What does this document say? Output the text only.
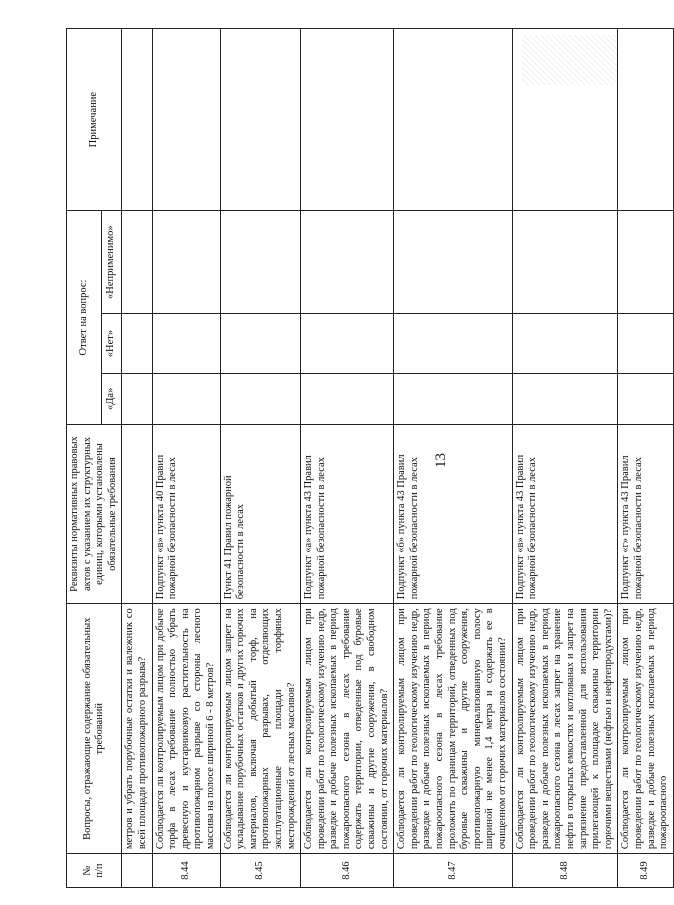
13
№
п/п	Вопросы, отражающие содержание обязательных требований	Реквизиты нормативных правовых актов с указанием их структурных единиц, которыми установлены обязательные требования	Ответ на вопрос:			Примечание
			«Да»	«Нет»	«Неприменимо»	
	метров и убрать порубочные остатки и валежник со всей площади противопожарного разрыва?					
8.44	Соблюдается ли контролируемым лицом при добыче торфа в лесах требование полностью убрать древесную и кустарниковую растительность на противопожарном разрыве со стороны лесного массива на полосе шириной 6 - 8 метров?	Подпункт «в» пункта 40 Правил пожарной безопасности в лесах				
8.45	Соблюдается ли контролируемым лицом запрет на укладывание порубочных остатков и других горючих материалов, включая добытый торф, на противопожарных разрывах, отделяющих эксплуатационные площади торфяных месторождений от лесных массивов?	Пункт 41 Правил пожарной безопасности в лесах				
8.46	Соблюдается ли контролируемым лицом при проведении работ по геологическому изучению недр, разведке и добыче полезных ископаемых в период пожароопасного сезона в лесах требование содержать территории, отведенные под буровые скважины и другие сооружения, в свободном состоянии, от горючих материалов?	Подпункт «а» пункта 43 Правил пожарной безопасности в лесах				
8.47	Соблюдается ли контролируемым лицом при проведении работ по геологическому изучению недр, разведке и добыче полезных ископаемых в период пожароопасного сезона в лесах требование проложить по границам территорий, отведенных под буровые скважины и другие сооружения, противопожарную минерализованную полосу шириной не менее 1,4 метра и содержать ее в очищенном от горючих материалов состоянии?	Подпункт «б» пункта 43 Правил пожарной безопасности в лесах				
8.48	Соблюдается ли контролируемым лицом при проведении работ по геологическому изучению недр, разведке и добыче полезных ископаемых в период пожароопасного сезона в лесах запрет на хранение нефти в открытых емкостях и котлованах и запрет на загрязнение предоставленной для использования прилегающей к площадке скважины территории горючими веществами (нефтью и нефтепродуктами)?	Подпункт «в» пункта 43 Правил пожарной безопасности в лесах				
8.49	Соблюдается ли контролируемым лицом при проведении работ по геологическому изучению недр, разведке и добыче полезных ископаемых в период пожароопасного	Подпункт «г» пункта 43 Правил пожарной безопасности в лесах				
